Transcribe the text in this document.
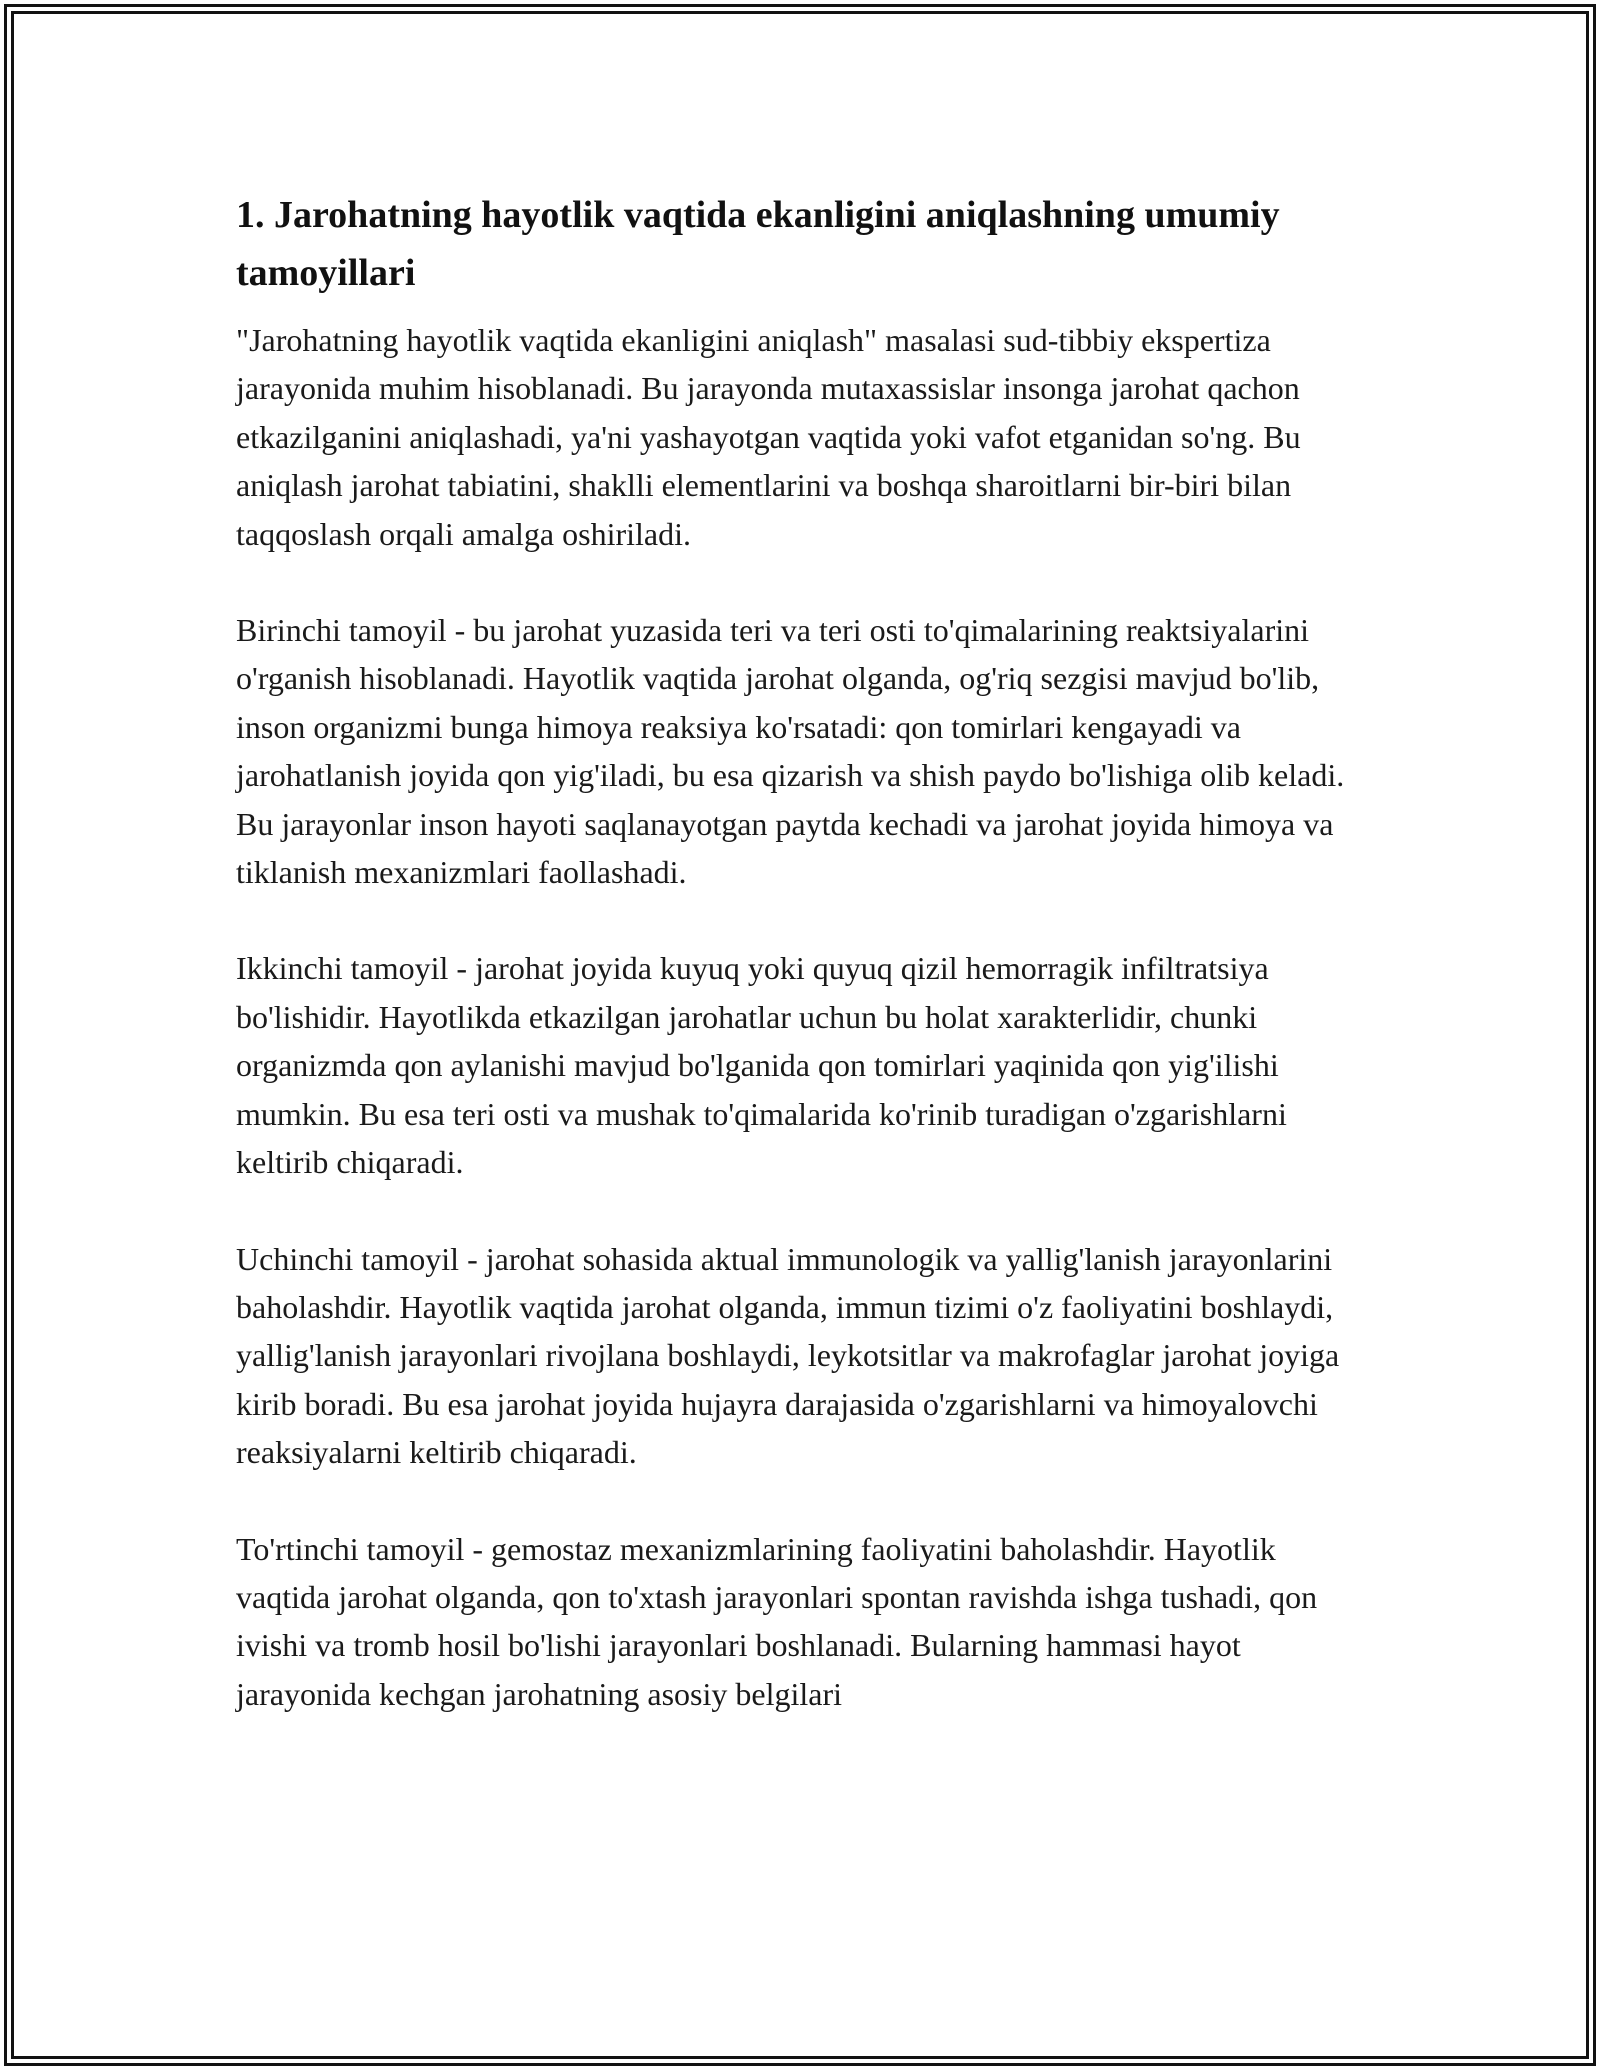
1. Jarohatning hayotlik vaqtida ekanligini aniqlashning umumiy tamoyillari

"Jarohatning hayotlik vaqtida ekanligini aniqlash" masalasi sud-tibbiy ekspertiza jarayonida muhim hisoblanadi. Bu jarayonda mutaxassislar insonga jarohat qachon etkazilganini aniqlashadi, ya'ni yashayotgan vaqtida yoki vafot etganidan so'ng. Bu aniqlash jarohat tabiatini, shaklli elementlarini va boshqa sharoitlarni bir-biri bilan taqqoslash orqali amalga oshiriladi.

Birinchi tamoyil - bu jarohat yuzasida teri va teri osti to'qimalarining reaktsiyalarini o'rganish hisoblanadi. Hayotlik vaqtida jarohat olganda, og'riq sezgisi mavjud bo'lib, inson organizmi bunga himoya reaksiya ko'rsatadi: qon tomirlari kengayadi va jarohatlanish joyida qon yig'iladi, bu esa qizarish va shish paydo bo'lishiga olib keladi. Bu jarayonlar inson hayoti saqlanayotgan paytda kechadi va jarohat joyida himoya va tiklanish mexanizmlari faollashadi.

Ikkinchi tamoyil - jarohat joyida kuyuq yoki quyuq qizil hemorragik infiltratsiya bo'lishidir. Hayotlikda etkazilgan jarohatlar uchun bu holat xarakterlidir, chunki organizmda qon aylanishi mavjud bo'lganida qon tomirlari yaqinida qon yig'ilishi mumkin. Bu esa teri osti va mushak to'qimalarida ko'rinib turadigan o'zgarishlarni keltirib chiqaradi.

Uchinchi tamoyil - jarohat sohasida aktual immunologik va yallig'lanish jarayonlarini baholashdir. Hayotlik vaqtida jarohat olganda, immun tizimi o'z faoliyatini boshlaydi, yallig'lanish jarayonlari rivojlana boshlaydi, leykotsitlar va makrofaglar jarohat joyiga kirib boradi. Bu esa jarohat joyida hujayra darajasida o'zgarishlarni va himoyalovchi reaksiyalarni keltirib chiqaradi.

To'rtinchi tamoyil - gemostaz mexanizmlarining faoliyatini baholashdir. Hayotlik vaqtida jarohat olganda, qon to'xtash jarayonlari spontan ravishda ishga tushadi, qon ivishi va tromb hosil bo'lishi jarayonlari boshlanadi. Bularning hammasi hayot jarayonida kechgan jarohatning asosiy belgilari
